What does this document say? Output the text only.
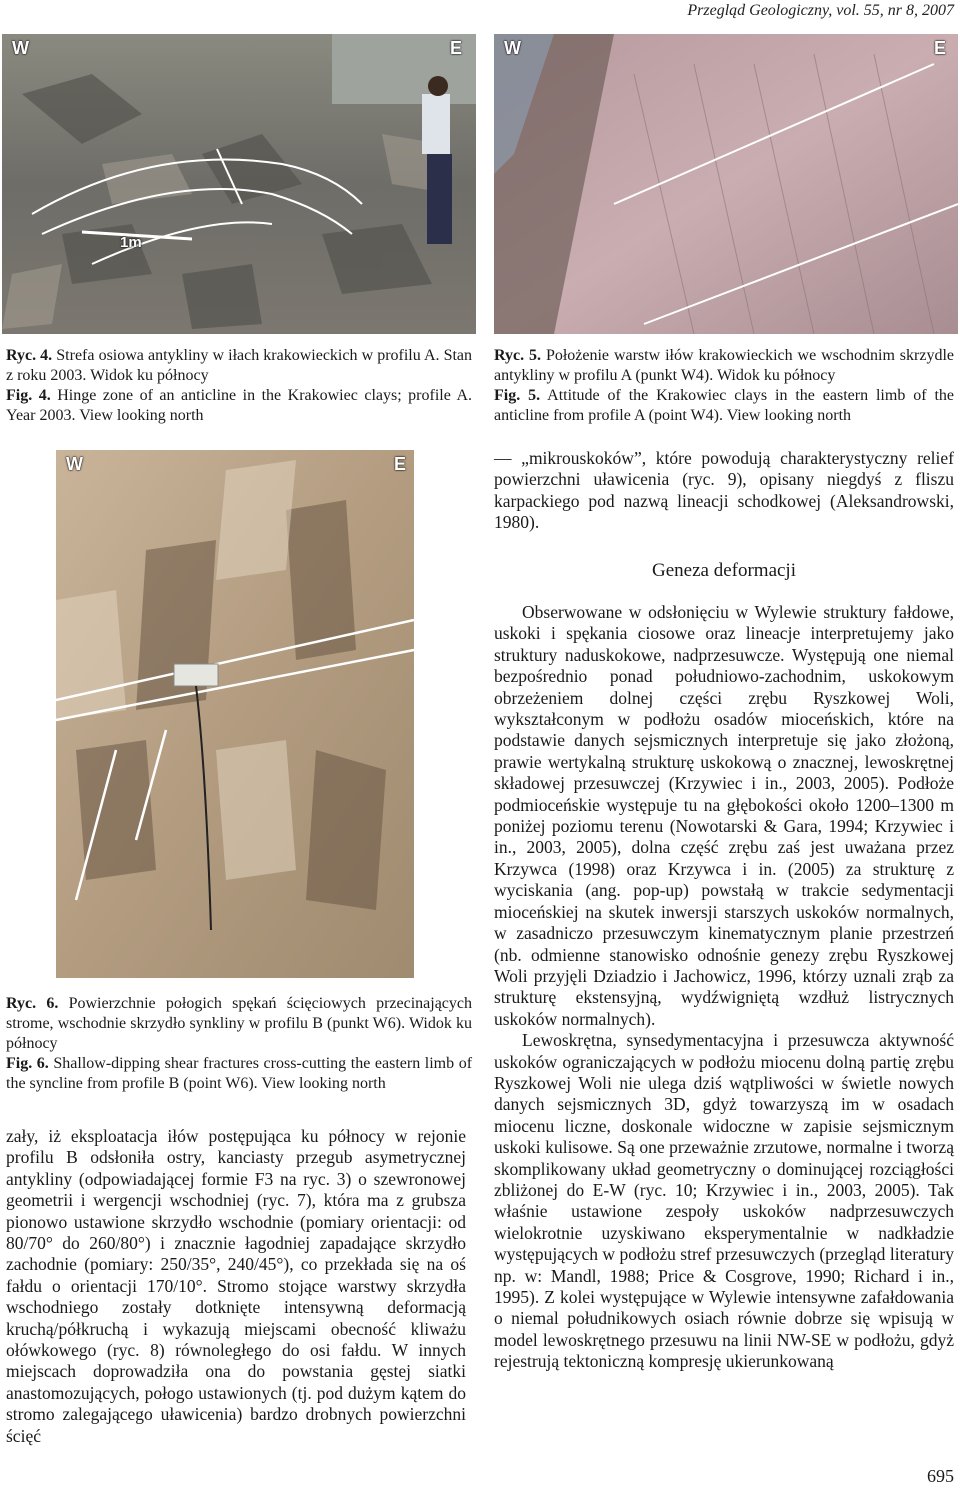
Przegląd Geologiczny, vol. 55, nr 8, 2007
W	E
1m
W	E

Ryc. 4. Strefa osiowa antykliny w iłach krakowieckich w profilu A. Stan z roku 2003. Widok ku północy

Fig. 4. Hinge zone of an anticline in the Krakowiec clays; profile A. Year 2003. View looking north

Ryc. 5. Położenie warstw iłów krakowieckich we wschodnim skrzydle antykliny w profilu A (punkt W4). Widok ku północy

Fig. 5. Attitude of the Krakowiec clays in the eastern limb of the anticline from profile A (point W4). View looking north

W	E

Ryc. 6. Powierzchnie połogich spękań ścięciowych przecinających strome, wschodnie skrzydło synkliny w profilu B (punkt W6). Widok ku północy

Fig. 6. Shallow-dipping shear fractures cross-cutting the eastern limb of the syncline from profile B (point W6). View looking north

zały, iż eksploatacja iłów postępująca ku północy w rejonie profilu B odsłoniła ostry, kanciasty przegub asymetrycznej antykliny (odpowiadającej formie F3 na ryc. 3) o szewronowej geometrii i wergencji wschodniej (ryc. 7), która ma z grubsza pionowo ustawione skrzydło wschodnie (pomiary orientacji: od 80/70° do 260/80°) i znacznie łagodniej zapadające skrzydło zachodnie (pomiary: 250/35°, 240/45°), co przekłada się na oś fałdu o orientacji 170/10°. Stromo stojące warstwy skrzydła wschodniego zostały dotknięte intensywną deformacją kruchą/półkruchą i wykazują miejscami obecność kliważu ołówkowego (ryc. 8) równoległego do osi fałdu. W innych miejscach doprowadziła ona do powstania gęstej siatki anastomozujących, połogo ustawionych (tj. pod dużym kątem do stromo zalegającego uławicenia) bardzo drobnych powierzchni ścięć

— „mikrouskoków”, które powodują charakterystyczny relief powierzchni uławicenia (ryc. 9), opisany niegdyś z fliszu karpackiego pod nazwą lineacji schodkowej (Aleksandrowski, 1980).

Geneza deformacji

Obserwowane w odsłonięciu w Wylewie struktury fałdowe, uskoki i spękania ciosowe oraz lineacje interpretujemy jako struktury naduskokowe, nadprzesuwcze. Występują one niemal bezpośrednio ponad południowo-zachodnim, uskokowym obrzeżeniem dolnej części zrębu Ryszkowej Woli, wykształconym w podłożu osadów mioceńskich, które na podstawie danych sejsmicznych interpretuje się jako złożoną, prawie wertykalną strukturę uskokową o znacznej, lewoskrętnej składowej przesuwczej (Krzywiec i in., 2003, 2005). Podłoże podmioceńskie występuje tu na głębokości około 1200–1300 m poniżej poziomu terenu (Nowotarski & Gara, 1994; Krzywiec i in., 2003, 2005), dolna część zrębu zaś jest uważana przez Krzywca (1998) oraz Krzywca i in. (2005) za strukturę z wyciskania (ang. pop-up) powstałą w trakcie sedymentacji mioceńskiej na skutek inwersji starszych uskoków normalnych, w zasadniczo przesuwczym kinematycznym planie przestrzeń (nb. odmienne stanowisko odnośnie genezy zrębu Ryszkowej Woli przyjęli Dziadzio i Jachowicz, 1996, którzy uznali zrąb za strukturę ekstensyjną, wydźwigniętą wzdłuż listrycznych uskoków normalnych).

Lewoskrętna, synsedymentacyjna i przesuwcza aktywność uskoków ograniczających w podłożu miocenu dolną partię zrębu Ryszkowej Woli nie ulega dziś wątpliwości w świetle nowych danych sejsmicznych 3D, gdyż towarzyszą im w osadach miocenu liczne, doskonale widoczne w zapisie sejsmicznym uskoki kulisowe. Są one przeważnie zrzutowe, normalne i tworzą skomplikowany układ geometryczny o dominującej rozciągłości zbliżonej do E-W (ryc. 10; Krzywiec i in., 2003, 2005). Tak właśnie ustawione zespoły uskoków nadprzesuwczych wielokrotnie uzyskiwano eksperymentalnie w nadkładzie występujących w podłożu stref przesuwczych (przegląd literatury np. w: Mandl, 1988; Price & Cosgrove, 1990; Richard i in., 1995). Z kolei występujące w Wylewie intensywne zafałdowania o niemal południkowych osiach równie dobrze się wpisują w model lewoskrętnego przesuwu na linii NW-SE w podłożu, gdyż rejestrują tektoniczną kompresję ukierunkowaną

695
